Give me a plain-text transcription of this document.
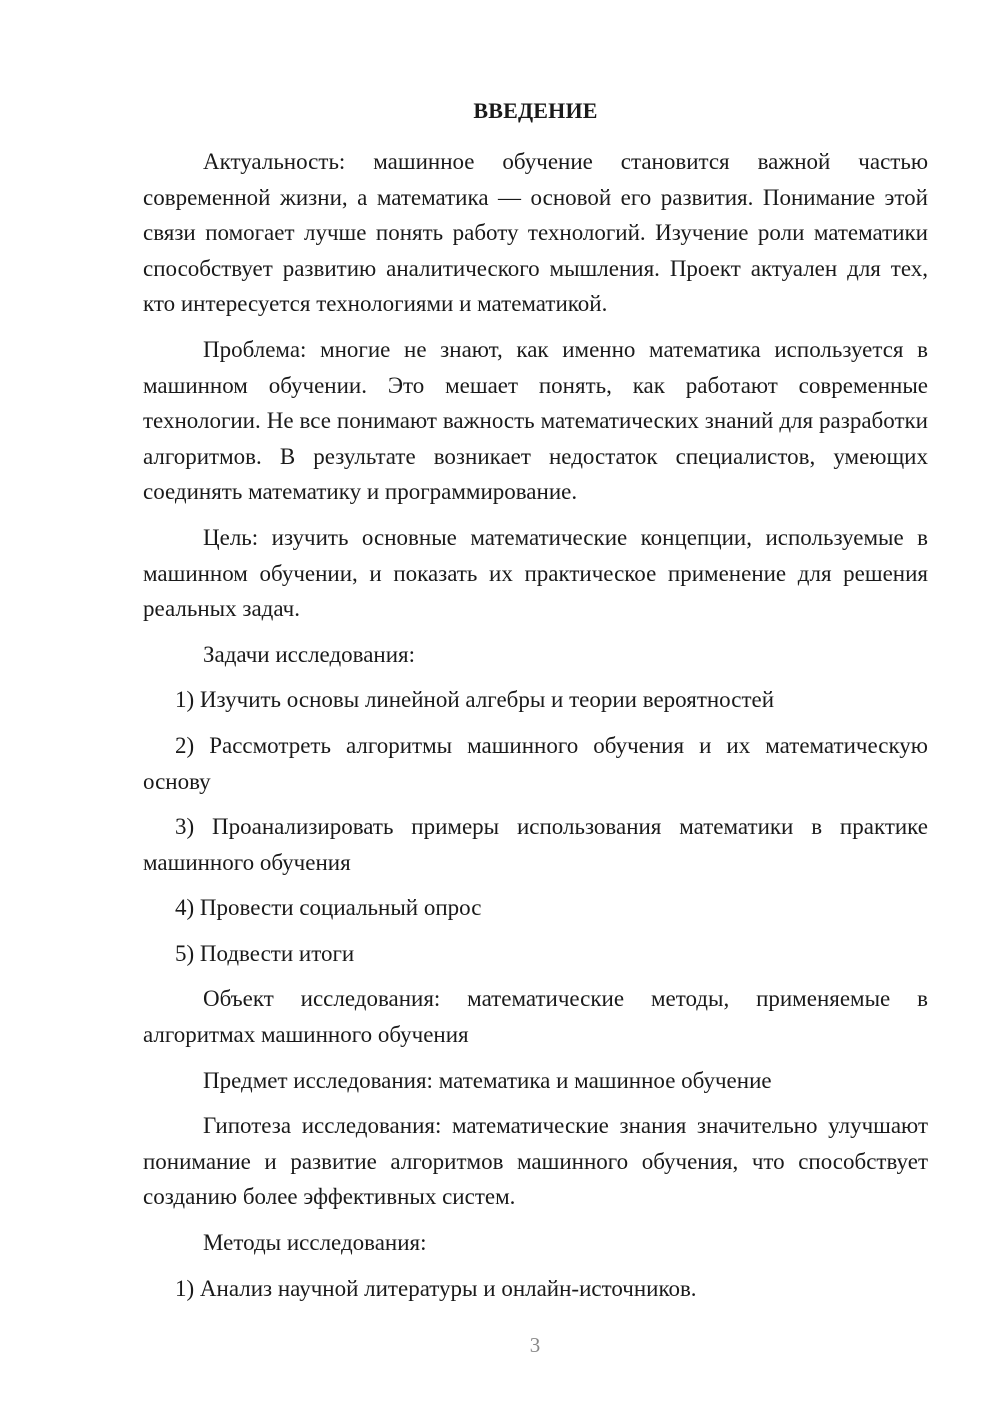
ВВЕДЕНИЕ

Актуальность: машинное обучение становится важной частью современной жизни, а математика — основой его развития. Понимание этой связи помогает лучше понять работу технологий. Изучение роли математики способствует развитию аналитического мышления. Проект актуален для тех, кто интересуется технологиями и математикой.

Проблема: многие не знают, как именно математика используется в машинном обучении. Это мешает понять, как работают современные технологии. Не все понимают важность математических знаний для разработки алгоритмов. В результате возникает недостаток специалистов, умеющих соединять математику и программирование.

Цель: изучить основные математические концепции, используемые в машинном обучении, и показать их практическое применение для решения реальных задач.

Задачи исследования:

1) Изучить основы линейной алгебры и теории вероятностей

2) Рассмотреть алгоритмы машинного обучения и их математическую основу

3) Проанализировать примеры использования математики в практике машинного обучения

4) Провести социальный опрос

5) Подвести итоги

Объект исследования: математические методы, применяемые в алгоритмах машинного обучения

Предмет исследования: математика и машинное обучение

Гипотеза исследования: математические знания значительно улучшают понимание и развитие алгоритмов машинного обучения, что способствует созданию более эффективных систем.

Методы исследования:

1) Анализ научной литературы и онлайн-источников.

3
